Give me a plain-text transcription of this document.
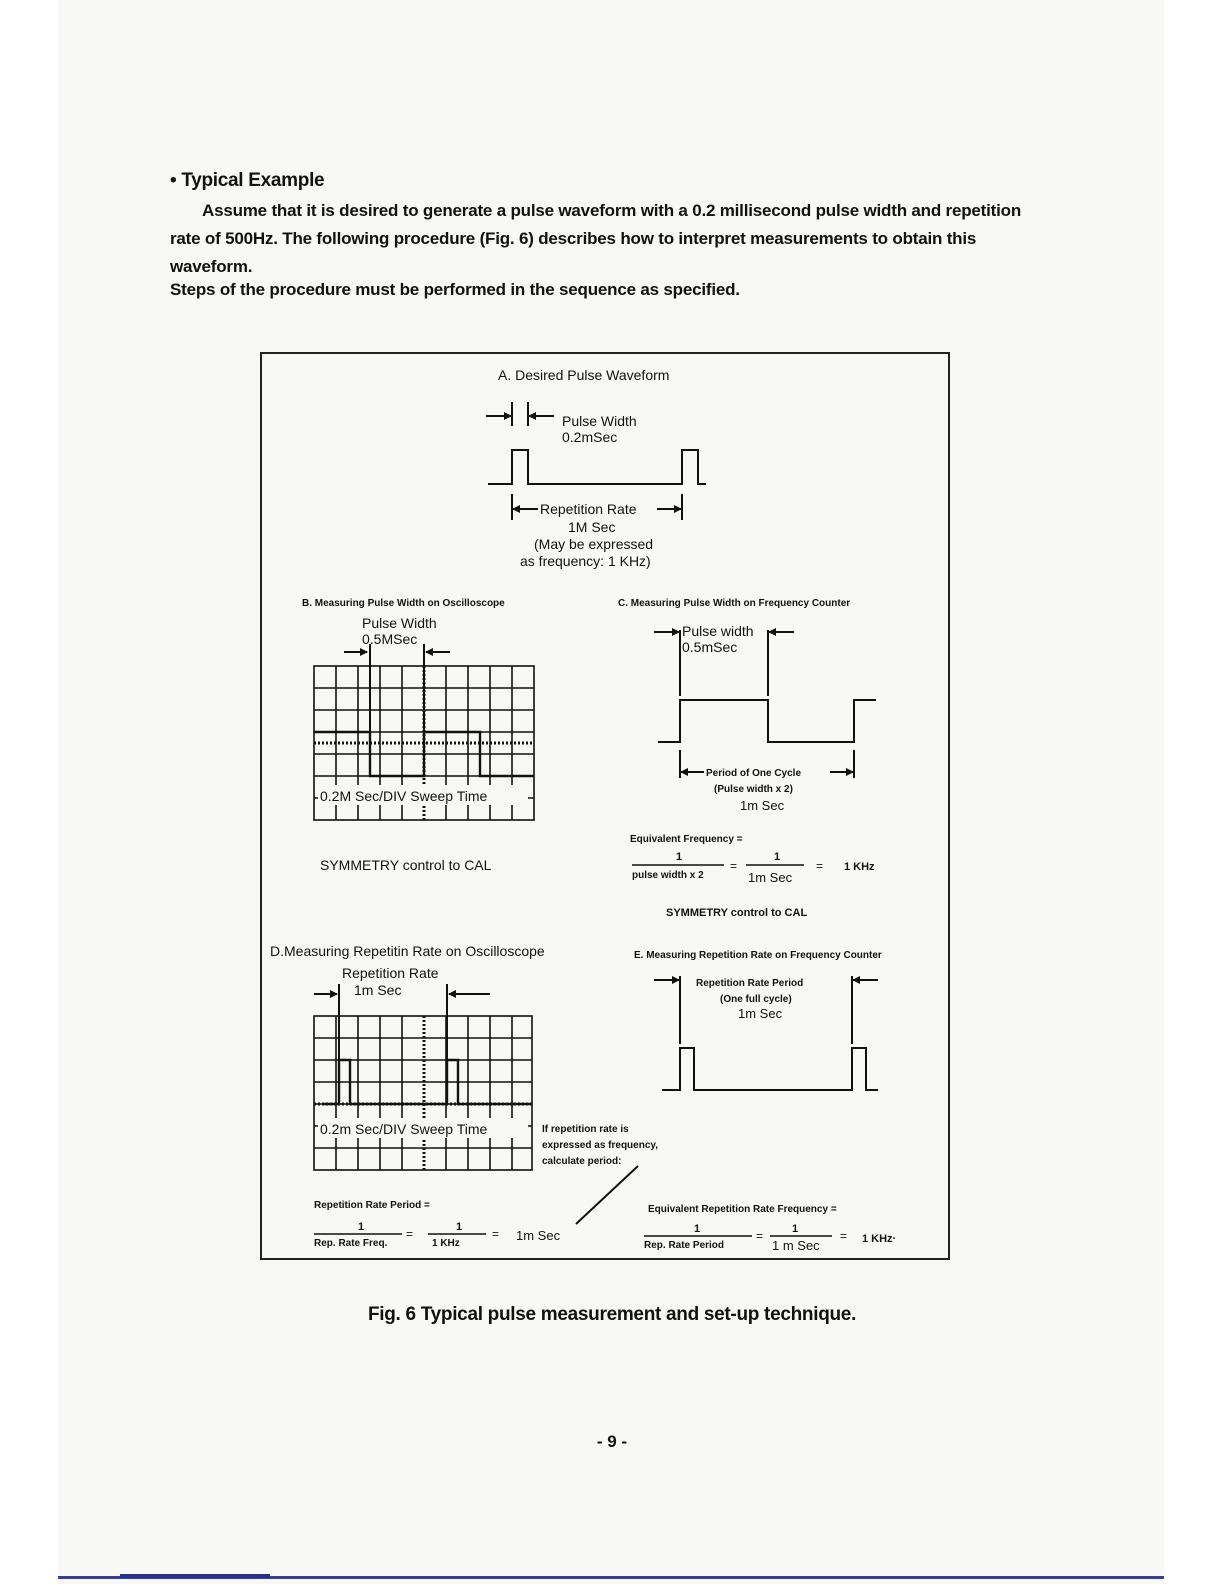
• Typical Example

Assume that it is desired to generate a pulse waveform with a 0.2 millisecond pulse width and repetition rate of 500Hz. The following procedure (Fig. 6) describes how to interpret measurements to obtain this waveform.

Steps of the procedure must be performed in the sequence as specified.
A. Desired Pulse Waveform
Pulse Width
0.2mSec
Repetition Rate
1M Sec
(May be expressed
as frequency: 1 KHz)
B. Measuring Pulse Width on Oscilloscope
Pulse Width
0.5MSec
0.2M Sec/DIV Sweep Time
SYMMETRY control to CAL
C. Measuring Pulse Width on Frequency Counter
Pulse width
0.5mSec
Period of One Cycle
(Pulse width x 2)
1m Sec
Equivalent Frequency =
1
pulse width x 2
=
1
1m Sec
= 1 KHz
SYMMETRY control to CAL
D.Measuring Repetitin Rate on Oscilloscope
Repetition Rate
1m Sec
0.2m Sec/DIV Sweep Time	If repetition rate is
expressed as frequency,
calculate period:
Repetition Rate Period =
1
Rep. Rate Freq.
=	1
1 KHz
= 1m Sec
E. Measuring Repetition Rate on Frequency Counter
Repetition Rate Period
(One full cycle)
1m Sec
Equivalent Repetition Rate Frequency =
1
Rep. Rate Period
=	1
1 m Sec
= 1 KHz·
Fig. 6 Typical pulse measurement and set-up technique.
- 9 -
